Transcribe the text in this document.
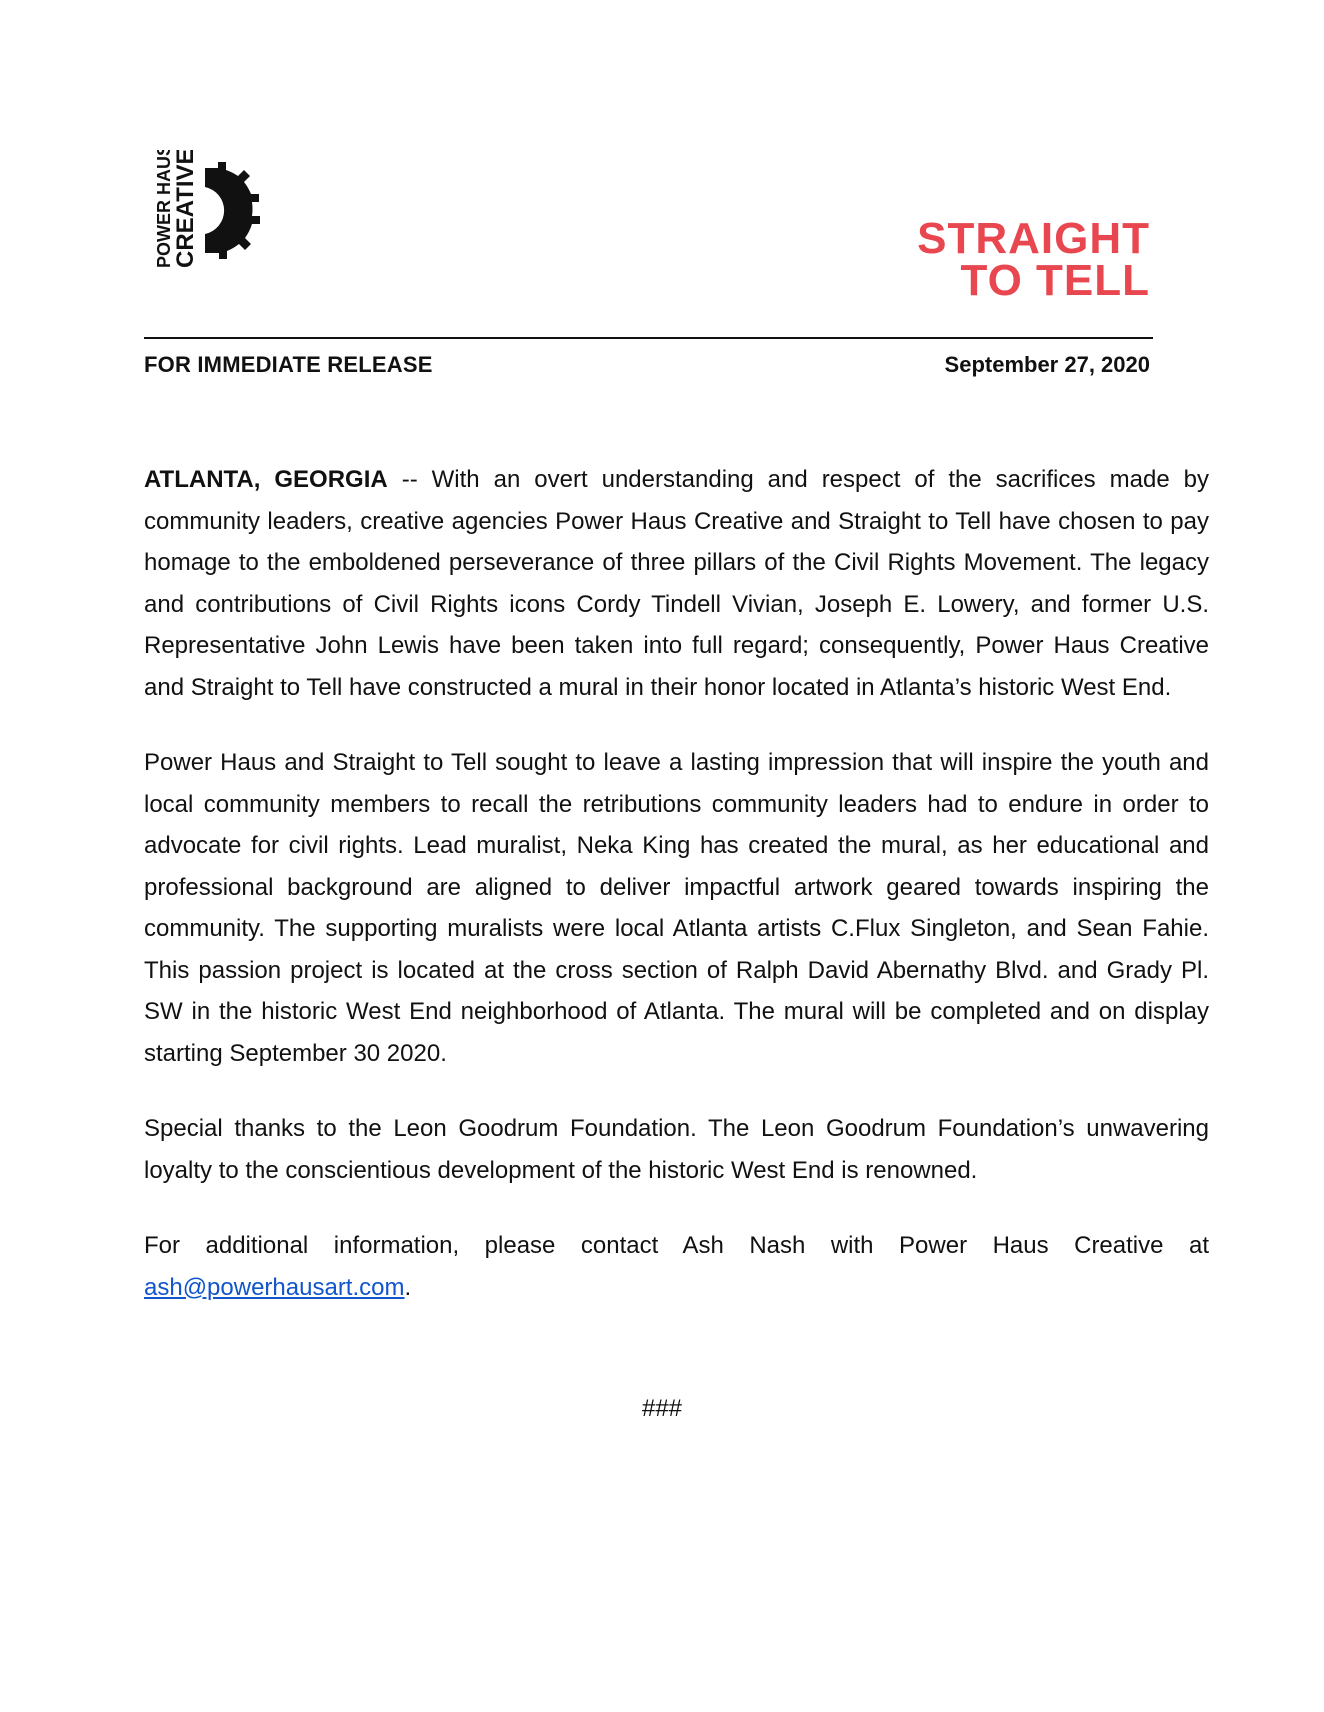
POWER HAUS
CREATIVE	STRAIGHT
TO TELL
FOR IMMEDIATE RELEASE	September 27, 2020

ATLANTA, GEORGIA -- With an overt understanding and respect of the sacrifices made by community leaders, creative agencies Power Haus Creative and Straight to Tell have chosen to pay homage to the emboldened perseverance of three pillars of the Civil Rights Movement. The legacy and contributions of Civil Rights icons Cordy Tindell Vivian, Joseph E. Lowery, and former U.S. Representative John Lewis have been taken into full regard; consequently, Power Haus Creative and Straight to Tell have constructed a mural in their honor located in Atlanta’s historic West End.

Power Haus and Straight to Tell sought to leave a lasting impression that will inspire the youth and local community members to recall the retributions community leaders had to endure in order to advocate for civil rights. Lead muralist, Neka King has created the mural, as her educational and professional background are aligned to deliver impactful artwork geared towards inspiring the community. The supporting muralists were local Atlanta artists C.Flux Singleton, and Sean Fahie. This passion project is located at the cross section of Ralph David Abernathy Blvd. and Grady Pl. SW in the historic West End neighborhood of Atlanta. The mural will be completed and on display starting September 30 2020.

Special thanks to the Leon Goodrum Foundation. The Leon Goodrum Foundation’s unwavering loyalty to the conscientious development of the historic West End is renowned.

For additional information, please contact Ash Nash with Power Haus Creative at ash@powerhausart.com.

###
